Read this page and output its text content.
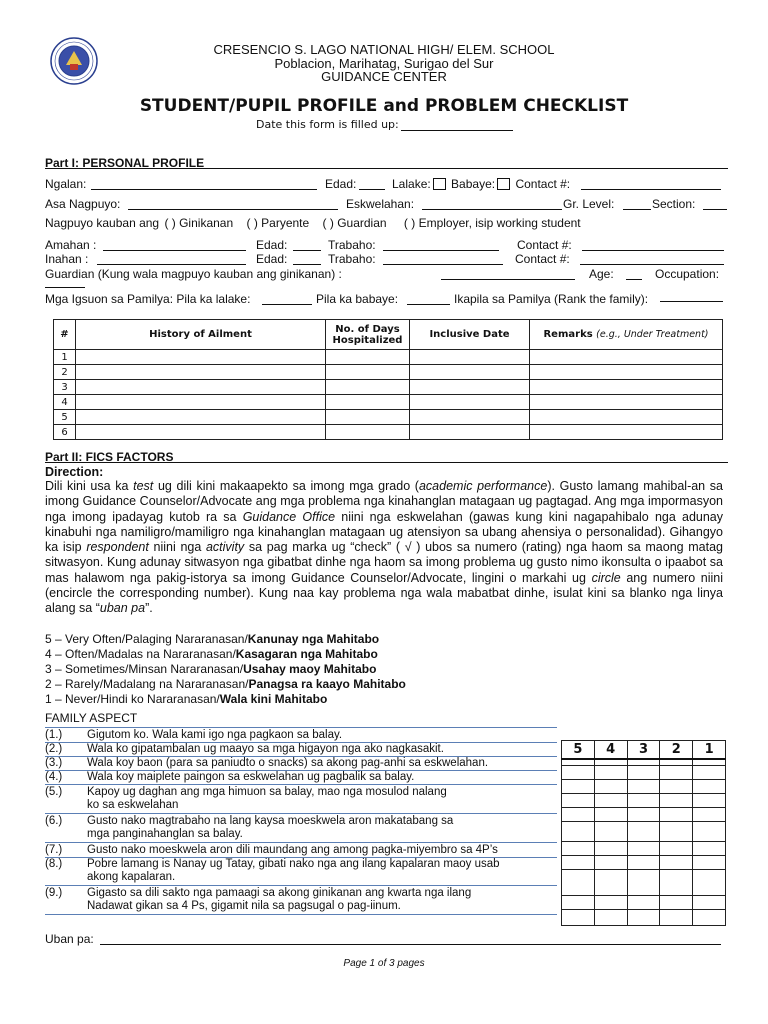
CRESENCIO S. LAGO NATIONAL HIGH/ ELEM. SCHOOL
Poblacion, Marihatag, Surigao del Sur
GUIDANCE CENTER
STUDENT/PUPIL PROFILE and PROBLEM CHECKLIST
Date this form is filled up:
Part I: PERSONAL PROFILE
Ngalan:	Edad:	Lalake: Babaye: Contact #:
Asa Nagpuyo:	Eskwelahan:	Gr. Level:	Section:
Nagpuyo kauban ang ( ) Ginikanan ( ) Paryente ( ) Guardian ( ) Employer, isip working student
Amahan :	Edad:	Trabaho:	Contact #:
Inahan :	Edad:	Trabaho:	Contact #:
Guardian (Kung wala magpuyo kauban ang ginikanan) :	Age:	Occupation:
Mga Igsuon sa Pamilya: Pila ka lalake:	Pila ka babaye:	Ikapila sa Pamilya (Rank the family):
#	History of Ailment	No. of Days Hospitalized	Inclusive Date	Remarks (e.g., Under Treatment)
1				
2				
3				
4				
5				
6				
Part II: FICS FACTORS
Direction:
Dili kini usa ka test ug dili kini makaapekto sa imong mga grado (academic performance). Gusto lamang mahibal-an sa imong Guidance Counselor/Advocate ang mga problema nga kinahanglan matagaan ug pagtagad. Ang mga impormasyon nga imong ipadayag kutob ra sa Guidance Office niini nga eskwelahan (gawas kung kini nagapahibalo nga adunay kinabuhi nga namiligro/mamiligro nga kinahanglan matagaan ug atensiyon sa ubang ahensiya o personalidad). Gihangyo ka isip respondent niini nga activity sa pag marka ug “check” ( √ ) ubos sa numero (rating) nga haom sa maong matag sitwasyon. Kung adunay sitwasyon nga gibatbat dinhe nga haom sa imong problema ug gusto nimo ikonsulta o ipaabot sa mas halawom nga pakig-istorya sa imong Guidance Counselor/Advocate, lingini o markahi ug circle ang numero niini (encircle the corresponding number). Kung naa kay problema nga wala mabatbat dinhe, isulat kini sa blanko nga linya alang sa “uban pa”.
5 – Very Often/Palaging Nararanasan/Kanunay nga Mahitabo
4 – Often/Madalas na Nararanasan/Kasagaran nga Mahitabo
3 – Sometimes/Minsan Nararanasan/Usahay maoy Mahitabo
2 – Rarely/Madalang na Nararanasan/Panagsa ra kaayo Mahitabo
1 – Never/Hindi ko Nararanasan/Wala kini Mahitabo
FAMILY ASPECT
(1.) Gigutom ko. Wala kami igo nga pagkaon sa balay.
(2.) Wala ko gipatambalan ug maayo sa mga higayon nga ako nagkasakit.
(3.) Wala koy baon (para sa paniudto o snacks) sa akong pag-anhi sa eskwelahan.
(4.) Wala koy maiplete paingon sa eskwelahan ug pagbalik sa balay.
(5.) Kapoy ug daghan ang mga himuon sa balay, mao nga mosulod nalang
ko sa eskwelahan
(6.) Gusto nako magtrabaho na lang kaysa moeskwela aron makatabang sa
mga panginahanglan sa balay.
(7.) Gusto nako moeskwela aron dili maundang ang among pagka-miyembro sa 4P’s
(8.) Pobre lamang is Nanay ug Tatay, gibati nako nga ang ilang kapalaran maoy usab
akong kapalaran.
(9.) Gigasto sa dili sakto nga pamaagi sa akong ginikanan ang kwarta nga ilang
Nadawat gikan sa 4 Ps, gigamit nila sa pagsugal o pag-iinum.
5	4	3	2	1

Uban pa:
Page 1 of 3 pages
